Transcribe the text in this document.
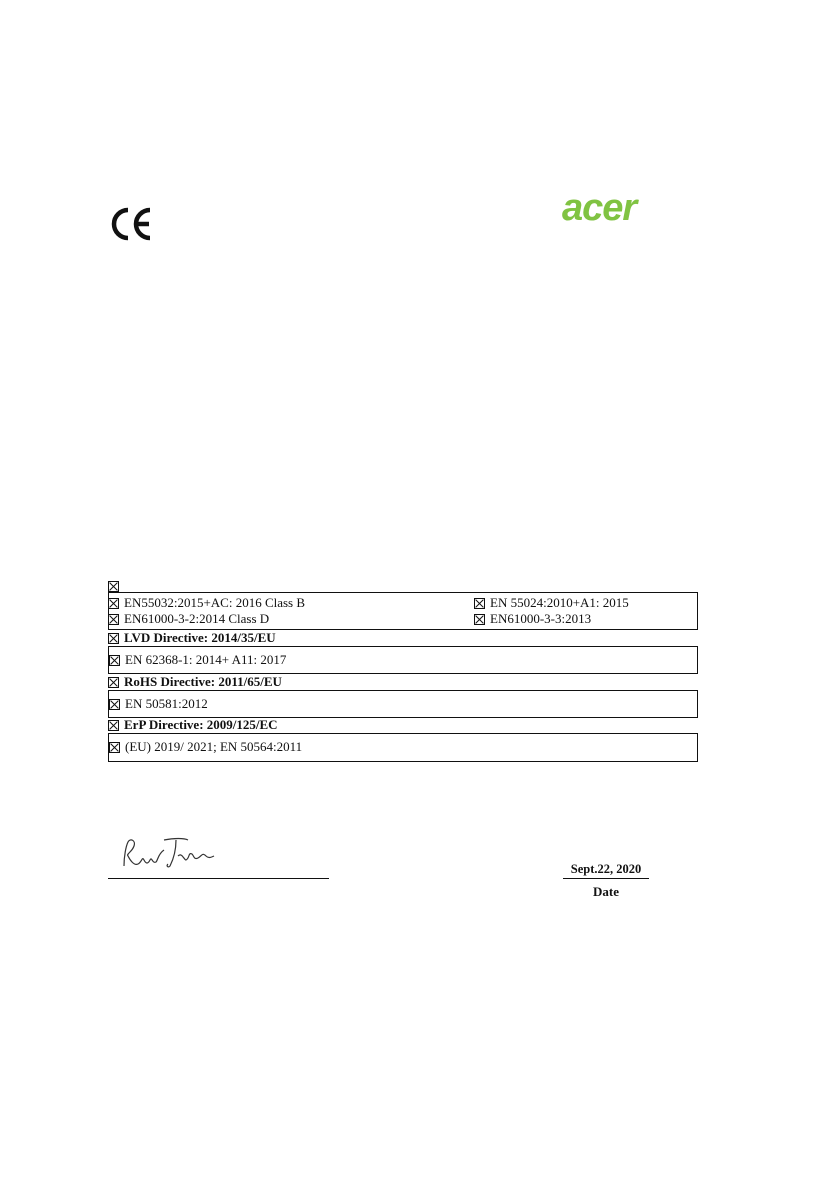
acer
EN55032:2015+AC: 2016 Class B	EN 55024:2010+A1: 2015
EN61000-3-2:2014 Class D	EN61000-3-3:2013
LVD Directive: 2014/35/EU
EN 62368-1: 2014+ A11: 2017
RoHS Directive: 2011/65/EU
EN 50581:2012
ErP Directive: 2009/125/EC
(EU) 2019/ 2021; EN 50564:2011
Sept.22, 2020
Date
